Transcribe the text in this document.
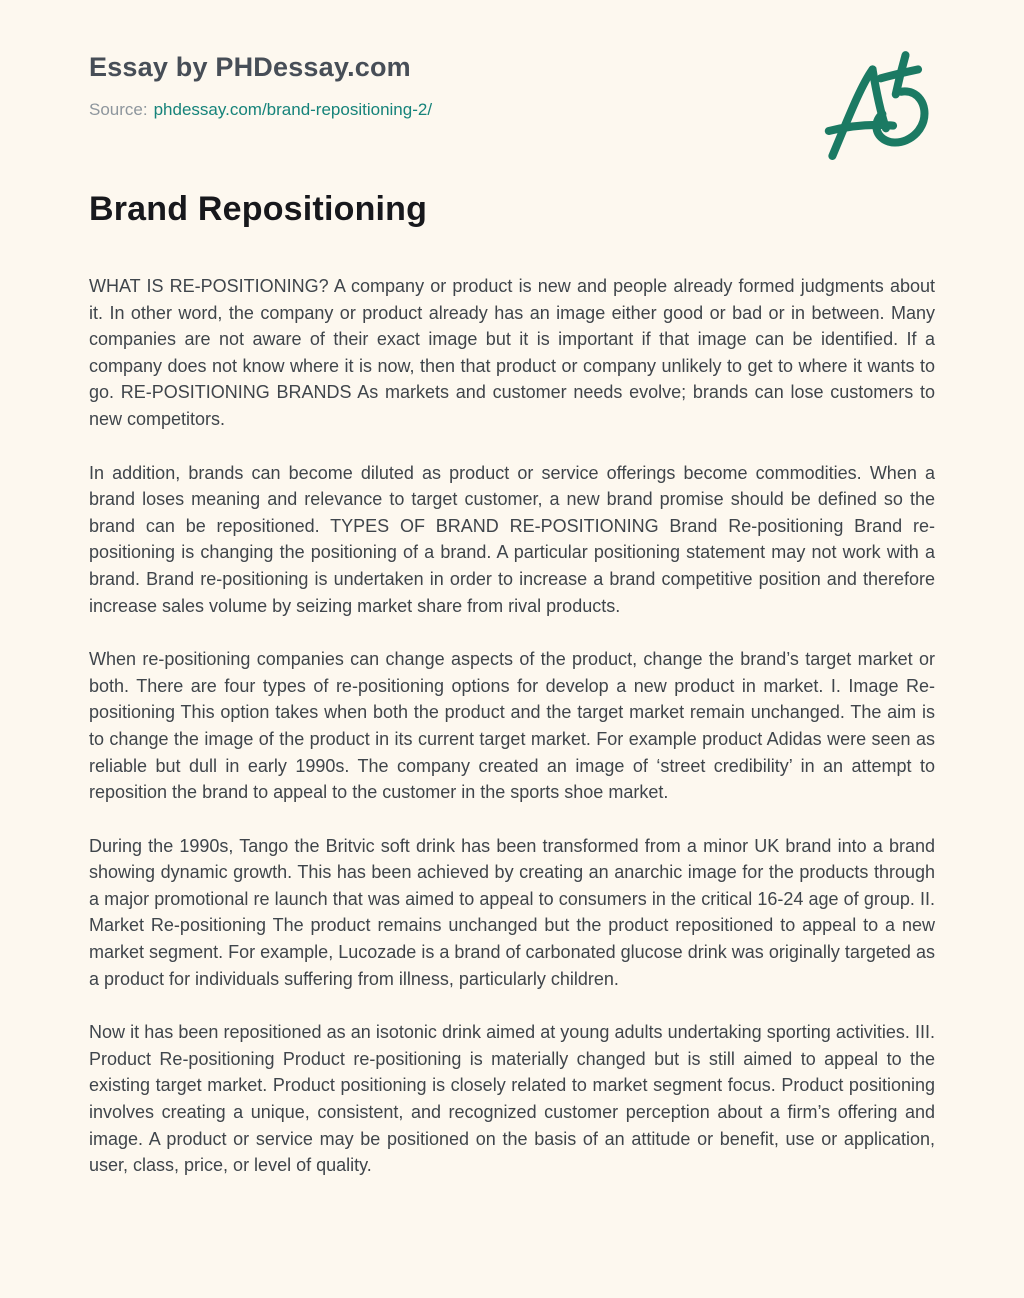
Essay by PHDessay.com
Source: phdessay.com/brand-repositioning-2/
Brand Repositioning

WHAT IS RE-POSITIONING? A company or product is new and people already formed judgments about it. In other word, the company or product already has an image either good or bad or in between. Many companies are not aware of their exact image but it is important if that image can be identified. If a company does not know where it is now, then that product or company unlikely to get to where it wants to go. RE-POSITIONING BRANDS As markets and customer needs evolve; brands can lose customers to new competitors.

In addition, brands can become diluted as product or service offerings become commodities. When a brand loses meaning and relevance to target customer, a new brand promise should be defined so the brand can be repositioned. TYPES OF BRAND RE-POSITIONING Brand Re-positioning Brand re-positioning is changing the positioning of a brand. A particular positioning statement may not work with a brand. Brand re-positioning is undertaken in order to increase a brand competitive position and therefore increase sales volume by seizing market share from rival products.

When re-positioning companies can change aspects of the product, change the brand’s target market or both. There are four types of re-positioning options for develop a new product in market. I. Image Re-positioning This option takes when both the product and the target market remain unchanged. The aim is to change the image of the product in its current target market. For example product Adidas were seen as reliable but dull in early 1990s. The company created an image of ‘street credibility’ in an attempt to reposition the brand to appeal to the customer in the sports shoe market.

During the 1990s, Tango the Britvic soft drink has been transformed from a minor UK brand into a brand showing dynamic growth. This has been achieved by creating an anarchic image for the products through a major promotional re launch that was aimed to appeal to consumers in the critical 16-24 age of group. II. Market Re-positioning The product remains unchanged but the product repositioned to appeal to a new market segment. For example, Lucozade is a brand of carbonated glucose drink was originally targeted as a product for individuals suffering from illness, particularly children.

Now it has been repositioned as an isotonic drink aimed at young adults undertaking sporting activities. III. Product Re-positioning Product re-positioning is materially changed but is still aimed to appeal to the existing target market. Product positioning is closely related to market segment focus. Product positioning involves creating a unique, consistent, and recognized customer perception about a firm’s offering and image. A product or service may be positioned on the basis of an attitude or benefit, use or application, user, class, price, or level of quality.
